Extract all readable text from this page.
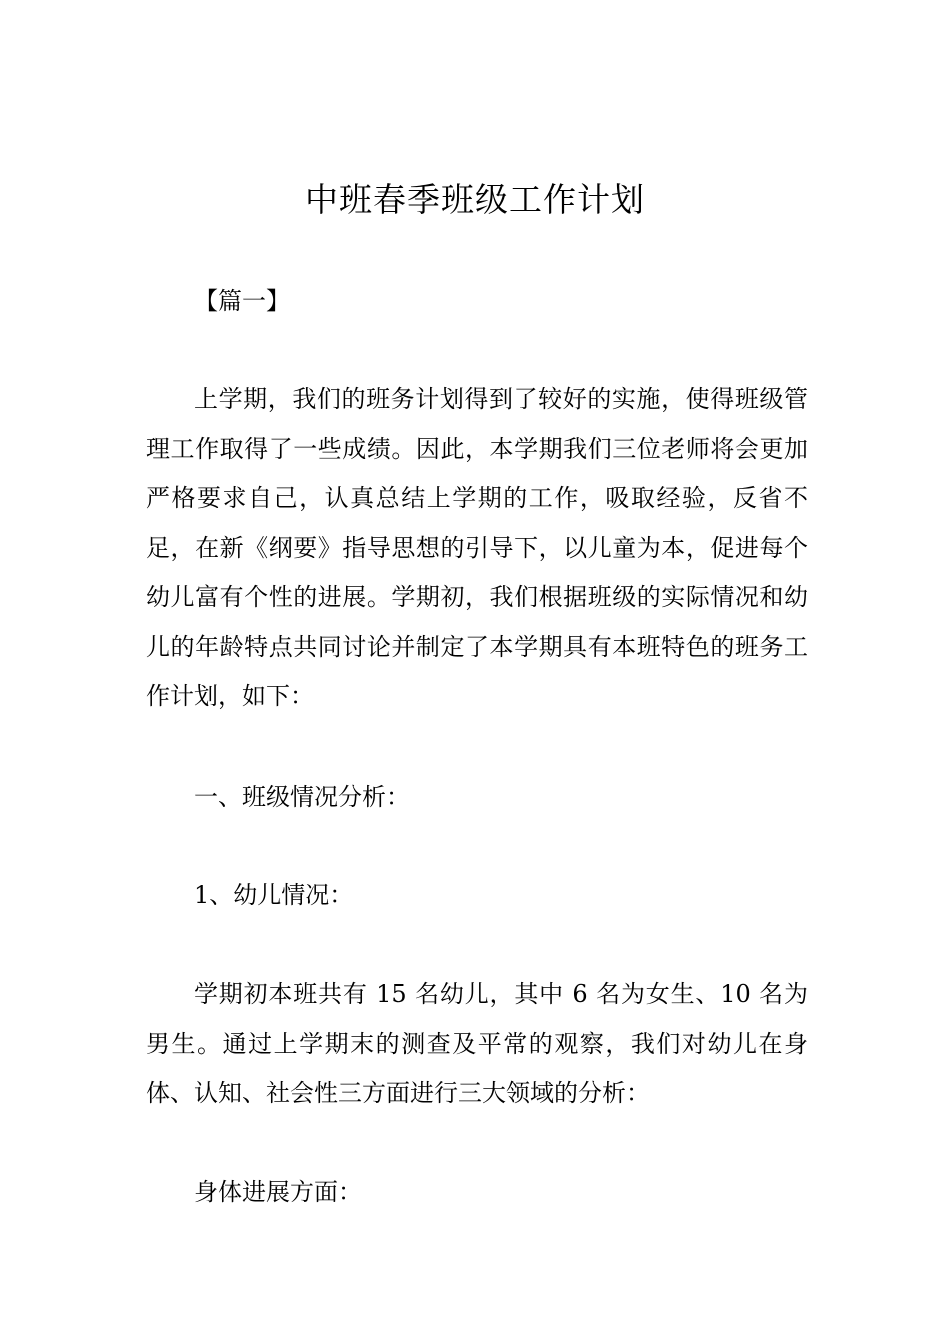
中班春季班级工作计划

【篇一】

上学期，我们的班务计划得到了较好的实施，使得班级管理工作取得了一些成绩。因此，本学期我们三位老师将会更加严格要求自己，认真总结上学期的工作，吸取经验，反省不足，在新《纲要》指导思想的引导下，以儿童为本，促进每个幼儿富有个性的进展。学期初，我们根据班级的实际情况和幼儿的年龄特点共同讨论并制定了本学期具有本班特色的班务工作计划，如下：

一、班级情况分析：

1、幼儿情况：

学期初本班共有 15 名幼儿，其中 6 名为女生、10 名为男生。通过上学期末的测查及平常的观察，我们对幼儿在身体、认知、社会性三方面进行三大领域的分析：

身体进展方面：
